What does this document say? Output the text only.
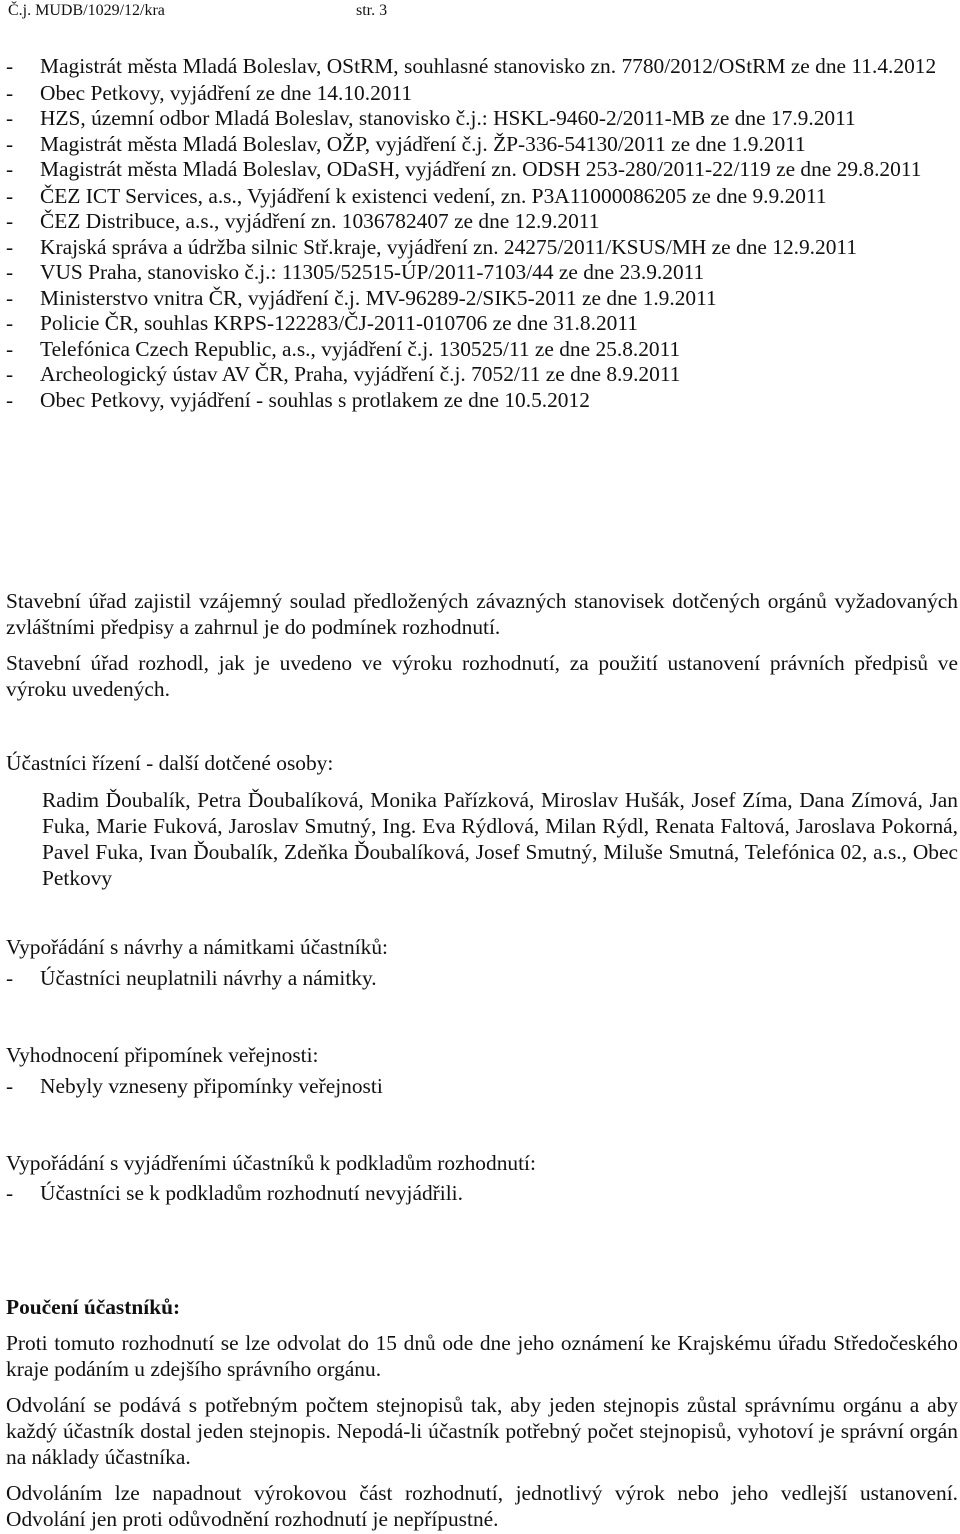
Č.j. MUDB/1029/12/kra	str. 3
- Magistrát města Mladá Boleslav, OStRM, souhlasné stanovisko zn. 7780/2012/OStRM ze dne 11.4.2012
- Obec Petkovy, vyjádření ze dne 14.10.2011
- HZS, územní odbor Mladá Boleslav, stanovisko č.j.: HSKL-9460-2/2011-MB ze dne 17.9.2011
- Magistrát města Mladá Boleslav, OŽP, vyjádření č.j. ŽP-336-54130/2011 ze dne 1.9.2011
- Magistrát města Mladá Boleslav, ODaSH, vyjádření zn. ODSH 253-280/2011-22/119 ze dne 29.8.2011
- ČEZ ICT Services, a.s., Vyjádření k existenci vedení, zn. P3A11000086205 ze dne 9.9.2011
- ČEZ Distribuce, a.s., vyjádření zn. 1036782407 ze dne 12.9.2011
- Krajská správa a údržba silnic Stř.kraje, vyjádření zn. 24275/2011/KSUS/MH ze dne 12.9.2011
- VUS Praha, stanovisko č.j.: 11305/52515-ÚP/2011-7103/44 ze dne 23.9.2011
- Ministerstvo vnitra ČR, vyjádření č.j. MV-96289-2/SIK5-2011 ze dne 1.9.2011
- Policie ČR, souhlas KRPS-122283/ČJ-2011-010706 ze dne 31.8.2011
- Telefónica Czech Republic, a.s., vyjádření č.j. 130525/11 ze dne 25.8.2011
- Archeologický ústav AV ČR, Praha, vyjádření č.j. 7052/11 ze dne 8.9.2011
- Obec Petkovy, vyjádření - souhlas s protlakem ze dne 10.5.2012

Stavební úřad zajistil vzájemný soulad předložených závazných stanovisek dotčených orgánů vyžadovaných zvláštními předpisy a zahrnul je do podmínek rozhodnutí.

Stavební úřad rozhodl, jak je uvedeno ve výroku rozhodnutí, za použití ustanovení právních předpisů ve výroku uvedených.

Účastníci řízení - další dotčené osoby:

Radim Ďoubalík, Petra Ďoubalíková, Monika Pařízková, Miroslav Hušák, Josef Zíma, Dana Zímová, Jan Fuka, Marie Fuková, Jaroslav Smutný, Ing. Eva Rýdlová, Milan Rýdl, Renata Faltová, Jaroslava Pokorná, Pavel Fuka, Ivan Ďoubalík, Zdeňka Ďoubalíková, Josef Smutný, Miluše Smutná, Telefónica 02, a.s., Obec Petkovy

Vypořádání s návrhy a námitkami účastníků:

- Účastníci neuplatnili návrhy a námitky.

Vyhodnocení připomínek veřejnosti:

- Nebyly vzneseny připomínky veřejnosti

Vypořádání s vyjádřeními účastníků k podkladům rozhodnutí:

- Účastníci se k podkladům rozhodnutí nevyjádřili.

Poučení účastníků:

Proti tomuto rozhodnutí se lze odvolat do 15 dnů ode dne jeho oznámení ke Krajskému úřadu Středočeského kraje podáním u zdejšího správního orgánu.

Odvolání se podává s potřebným počtem stejnopisů tak, aby jeden stejnopis zůstal správnímu orgánu a aby každý účastník dostal jeden stejnopis. Nepodá-li účastník potřebný počet stejnopisů, vyhotoví je správní orgán na náklady účastníka.

Odvoláním lze napadnout výrokovou část rozhodnutí, jednotlivý výrok nebo jeho vedlejší ustanovení. Odvolání jen proti odůvodnění rozhodnutí je nepřípustné.
